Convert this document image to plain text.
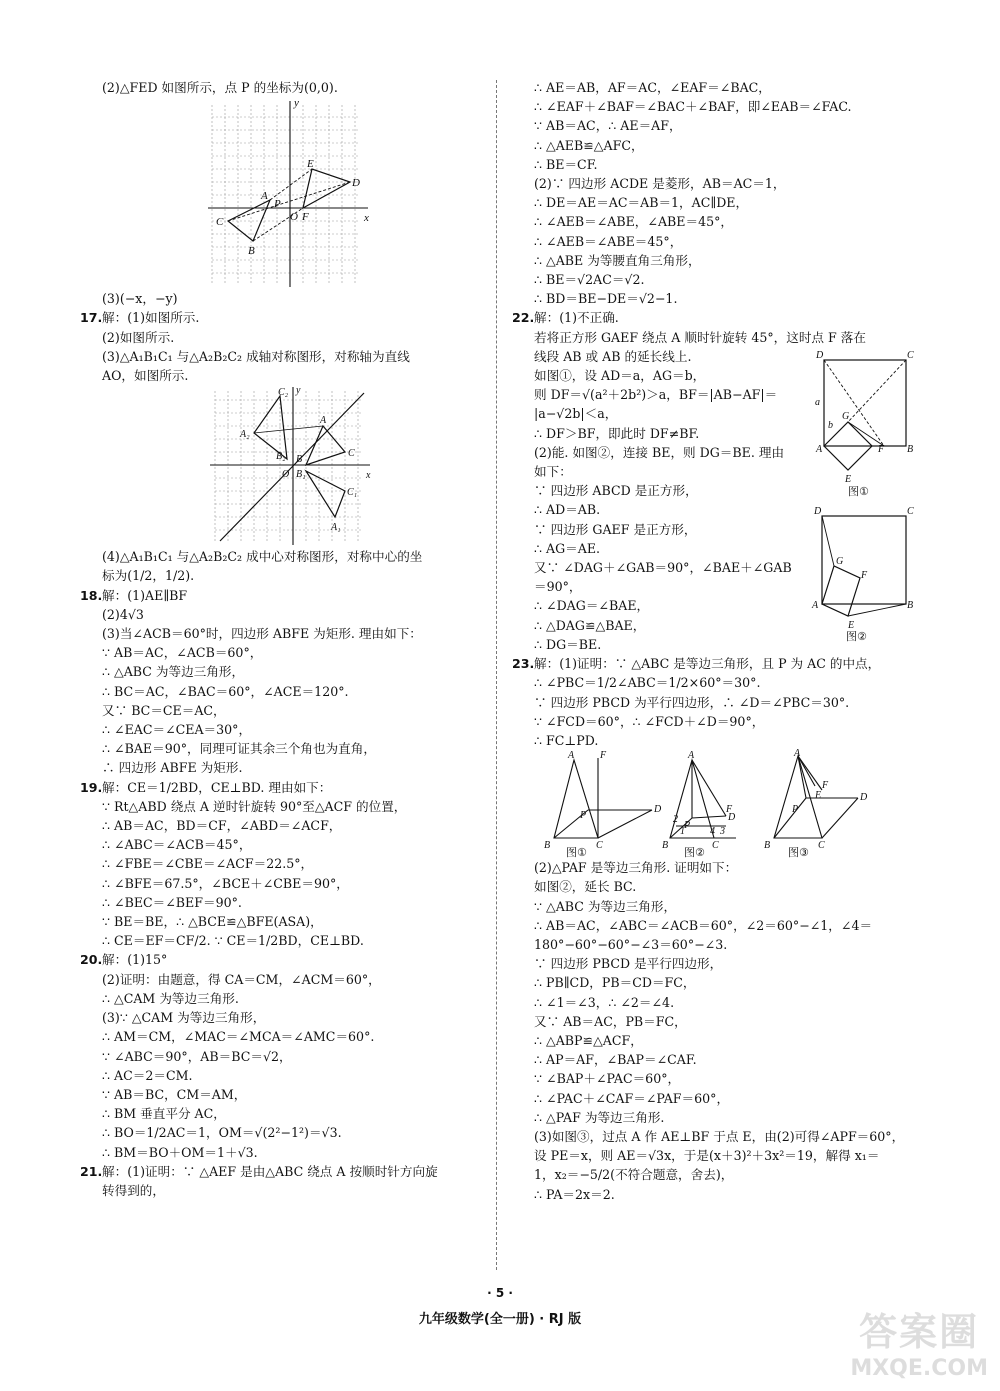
(2)△FED 如图所示，点 P 的坐标为(0,0).
y
x
C
A
P
O F
B
E
D
(3)(−x，−y)
17.解：(1)如图所示.
(2)如图所示.
(3)△A₁B₁C₁ 与△A₂B₂C₂ 成轴对称图形，对称轴为直线
AO，如图所示.
y
x
C₂
A₂
B₂
A
C
B
O B₁
C₁
A₁
(4)△A₁B₁C₁ 与△A₂B₂C₂ 成中心对称图形，对称中心的坐
标为(1/2，1/2).
18.解：(1)AE∥BF
(2)4√3
(3)当∠ACB＝60°时，四边形 ABFE 为矩形. 理由如下：
∵ AB＝AC，∠ACB＝60°，
∴ △ABC 为等边三角形，
∴ BC＝AC，∠BAC＝60°，∠ACE＝120°.
又∵ BC＝CE＝AC，
∴ ∠EAC＝∠CEA＝30°，
∴ ∠BAE＝90°，同理可证其余三个角也为直角，
∴ 四边形 ABFE 为矩形.
19.解：CE＝1/2BD，CE⊥BD. 理由如下：
∵ Rt△ABD 绕点 A 逆时针旋转 90°至△ACF 的位置，
∴ AB＝AC，BD＝CF，∠ABD＝∠ACF，
∴ ∠ABC＝∠ACB＝45°，
∴ ∠FBE＝∠CBE＝∠ACF＝22.5°，
∴ ∠BFE＝67.5°，∠BCE＋∠CBE＝90°，
∴ ∠BEC＝∠BEF＝90°.
∵ BE＝BE，∴ △BCE≌△BFE(ASA)，
∴ CE＝EF＝CF/2. ∵ CE＝1/2BD，CE⊥BD.
20.解：(1)15°
(2)证明：由题意，得 CA＝CM，∠ACM＝60°，
∴ △CAM 为等边三角形.
(3)∵ △CAM 为等边三角形，
∴ AM＝CM，∠MAC＝∠MCA＝∠AMC＝60°.
∵ ∠ABC＝90°，AB＝BC＝√2，
∴ AC＝2＝CM.
∵ AB＝BC，CM＝AM，
∴ BM 垂直平分 AC，
∴ BO＝1/2AC＝1，OM＝√(2²−1²)＝√3.
∴ BM＝BO＋OM＝1＋√3.
21.解：(1)证明：∵ △AEF 是由△ABC 绕点 A 按顺时针方向旋
转得到的，
∴ AE＝AB，AF＝AC，∠EAF＝∠BAC，
∴ ∠EAF＋∠BAF＝∠BAC＋∠BAF，即∠EAB＝∠FAC.
∵ AB＝AC，∴ AE＝AF，
∴ △AEB≌△AFC，
∴ BE＝CF.
(2)∵ 四边形 ACDE 是菱形，AB＝AC＝1，
∴ DE＝AE＝AC＝AB＝1，AC∥DE，
∴ ∠AEB＝∠ABE，∠ABE＝45°，
∴ ∠AEB＝∠ABE＝45°，
∴ △ABE 为等腰直角三角形，
∴ BE＝√2AC＝√2.
∴ BD＝BE−DE＝√2−1.
22.解：(1)不正确.
若将正方形 GAEF 绕点 A 顺时针旋转 45°，这时点 F 落在
线段 AB 或 AB 的延长线上.
如图①，设 AD＝a，AG＝b，
则 DF＝√(a²＋2b²)＞a，BF＝|AB−AF|＝
|a−√2b|＜a，
∴ DF＞BF，即此时 DF≠BF.
(2)能. 如图②，连接 BE，则 DG＝BE. 理由
如下：
∵ 四边形 ABCD 是正方形，
∴ AD＝AB.
∵ 四边形 GAEF 是正方形，
∴ AG＝AE.
又∵ ∠DAG＋∠GAB＝90°，∠BAE＋∠GAB
＝90°，
∴ ∠DAG＝∠BAE，
∴ △DAG≌△BAE，
∴ DG＝BE.
D	C
A	B
G
b
a
F
E
图①
D	C
A	B
G
F
E
图②
23.解：(1)证明：∵ △ABC 是等边三角形，且 P 为 AC 的中点，
∴ ∠PBC＝1/2∠ABC＝1/2×60°＝30°.
∵ 四边形 PBCD 为平行四边形，∴ ∠D＝∠PBC＝30°.
∵ ∠FCD＝60°，∴ ∠FCD＋∠D＝90°，
∴ FC⊥PD.
A	F
D
B	C
P
A
F
D
B	C
P
2
1	4 3
A
F
D
B	C
P
E
图①	图②	图③
(2)△PAF 是等边三角形. 证明如下：
如图②，延长 BC.
∵ △ABC 为等边三角形，
∴ AB＝AC，∠ABC＝∠ACB＝60°，∠2＝60°−∠1，∠4＝
180°−60°−60°−∠3＝60°−∠3.
∵ 四边形 PBCD 是平行四边形，
∴ PB∥CD，PB＝CD＝FC，
∴ ∠1＝∠3，∴ ∠2＝∠4.
又∵ AB＝AC，PB＝FC，
∴ △ABP≌△ACF，
∴ AP＝AF，∠BAP＝∠CAF.
∵ ∠BAP＋∠PAC＝60°，
∴ ∠PAC＋∠CAF＝∠PAF＝60°，
∴ △PAF 为等边三角形.
(3)如图③，过点 A 作 AE⊥BF 于点 E，由(2)可得∠APF＝60°，
设 PE＝x，则 AE＝√3x，于是(x＋3)²＋3x²＝19，解得 x₁＝
1，x₂＝−5/2(不符合题意，舍去)，
∴ PA＝2x＝2.
· 5 ·
九年级数学(全一册) · RJ 版	答案圈
MXQE.COM
